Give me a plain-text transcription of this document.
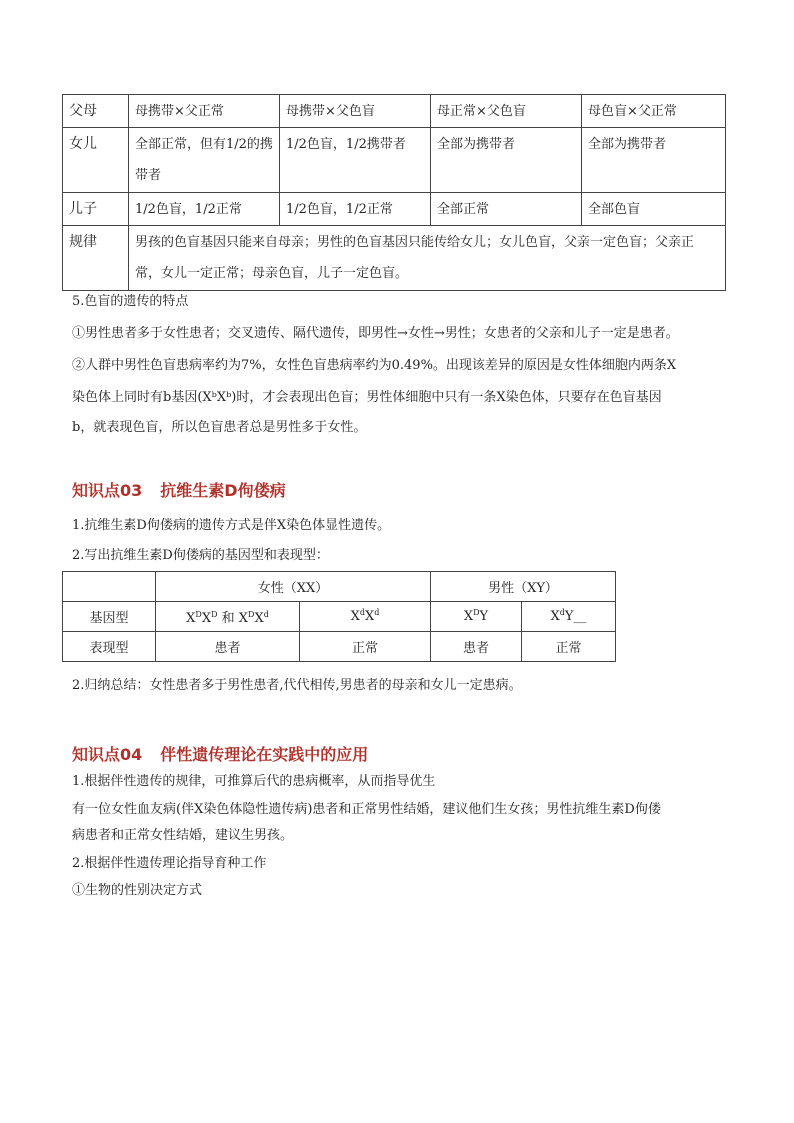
父母	母携带×父正常	母携带×父色盲	母正常×父色盲	母色盲×父正常
女儿	全部正常，但有1/2的携带者	1/2色盲，1/2携带者	全部为携带者	全部为携带者
儿子	1/2色盲，1/2正常	1/2色盲，1/2正常	全部正常	全部色盲
规律	男孩的色盲基因只能来自母亲；男性的色盲基因只能传给女儿；女儿色盲，父亲一定色盲；父亲正常，女儿一定正常；母亲色盲，儿子一定色盲。			
5.色盲的遗传的特点
①男性患者多于女性患者；交叉遗传、隔代遗传，即男性→女性→男性；女患者的父亲和儿子一定是患者。
②人群中男性色盲患病率约为7%，女性色盲患病率约为0.49%。出现该差异的原因是女性体细胞内两条X
染色体上同时有b基因(XᵇXᵇ)时，才会表现出色盲；男性体细胞中只有一条X染色体，只要存在色盲基因
b，就表现色盲，所以色盲患者总是男性多于女性。
知识点03 抗维生素D佝偻病
1.抗维生素D佝偻病的遗传方式是伴X染色体显性遗传。
2.写出抗维生素D佝偻病的基因型和表现型：
	女性（XX）		男性（XY）	
基因型	$X^DX^D$ 和 $X^DX^d$	$X^dX^d$	$X^DY$	$X^dY\_\_$
表现型	患者	正常	患者	正常
2.归纳总结：女性患者多于男性患者,代代相传,男患者的母亲和女儿一定患病。
知识点04 伴性遗传理论在实践中的应用
1.根据伴性遗传的规律，可推算后代的患病概率，从而指导优生
有一位女性血友病(伴X染色体隐性遗传病)患者和正常男性结婚，建议他们生女孩；男性抗维生素D佝偻
病患者和正常女性结婚，建议生男孩。
2.根据伴性遗传理论指导育种工作
①生物的性别决定方式
